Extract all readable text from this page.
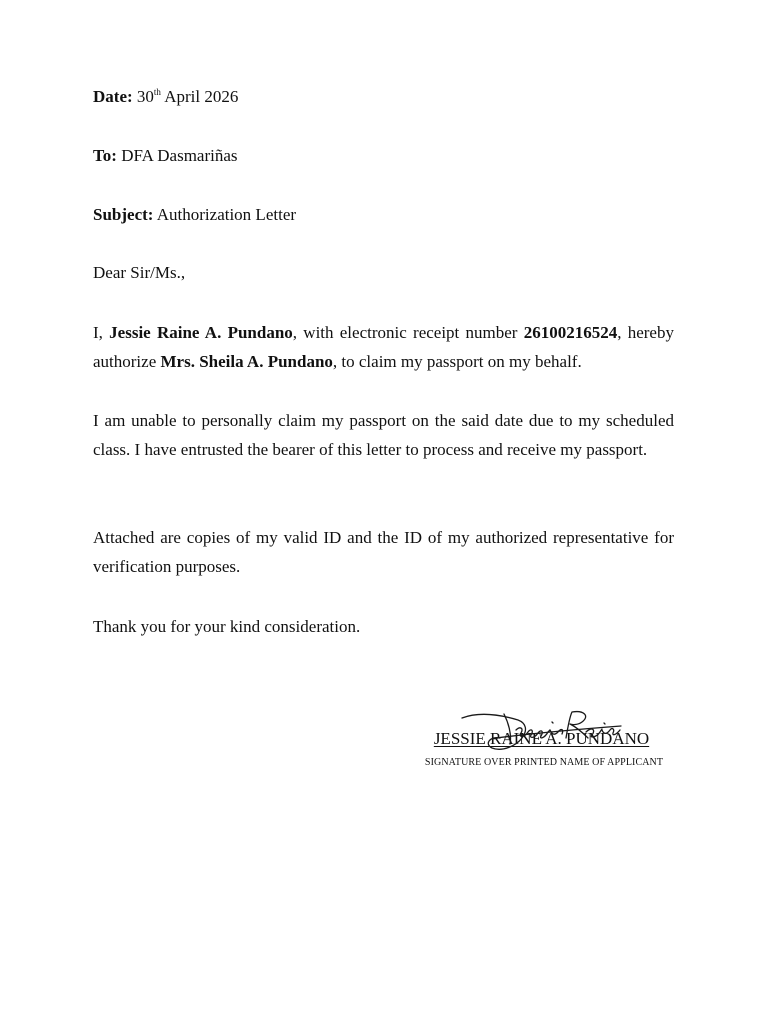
Date: 30th April 2026
To: DFA Dasmariñas
Subject: Authorization Letter
Dear Sir/Ms.,
I, Jessie Raine A. Pundano, with electronic receipt number 26100216524, hereby authorize Mrs. Sheila A. Pundano, to claim my passport on my behalf.
I am unable to personally claim my passport on the said date due to my scheduled class. I have entrusted the bearer of this letter to process and receive my passport.
Attached are copies of my valid ID and the ID of my authorized representative for verification purposes.
Thank you for your kind consideration.
JESSIE RAINE A. PUNDANO
SIGNATURE OVER PRINTED NAME OF APPLICANT
